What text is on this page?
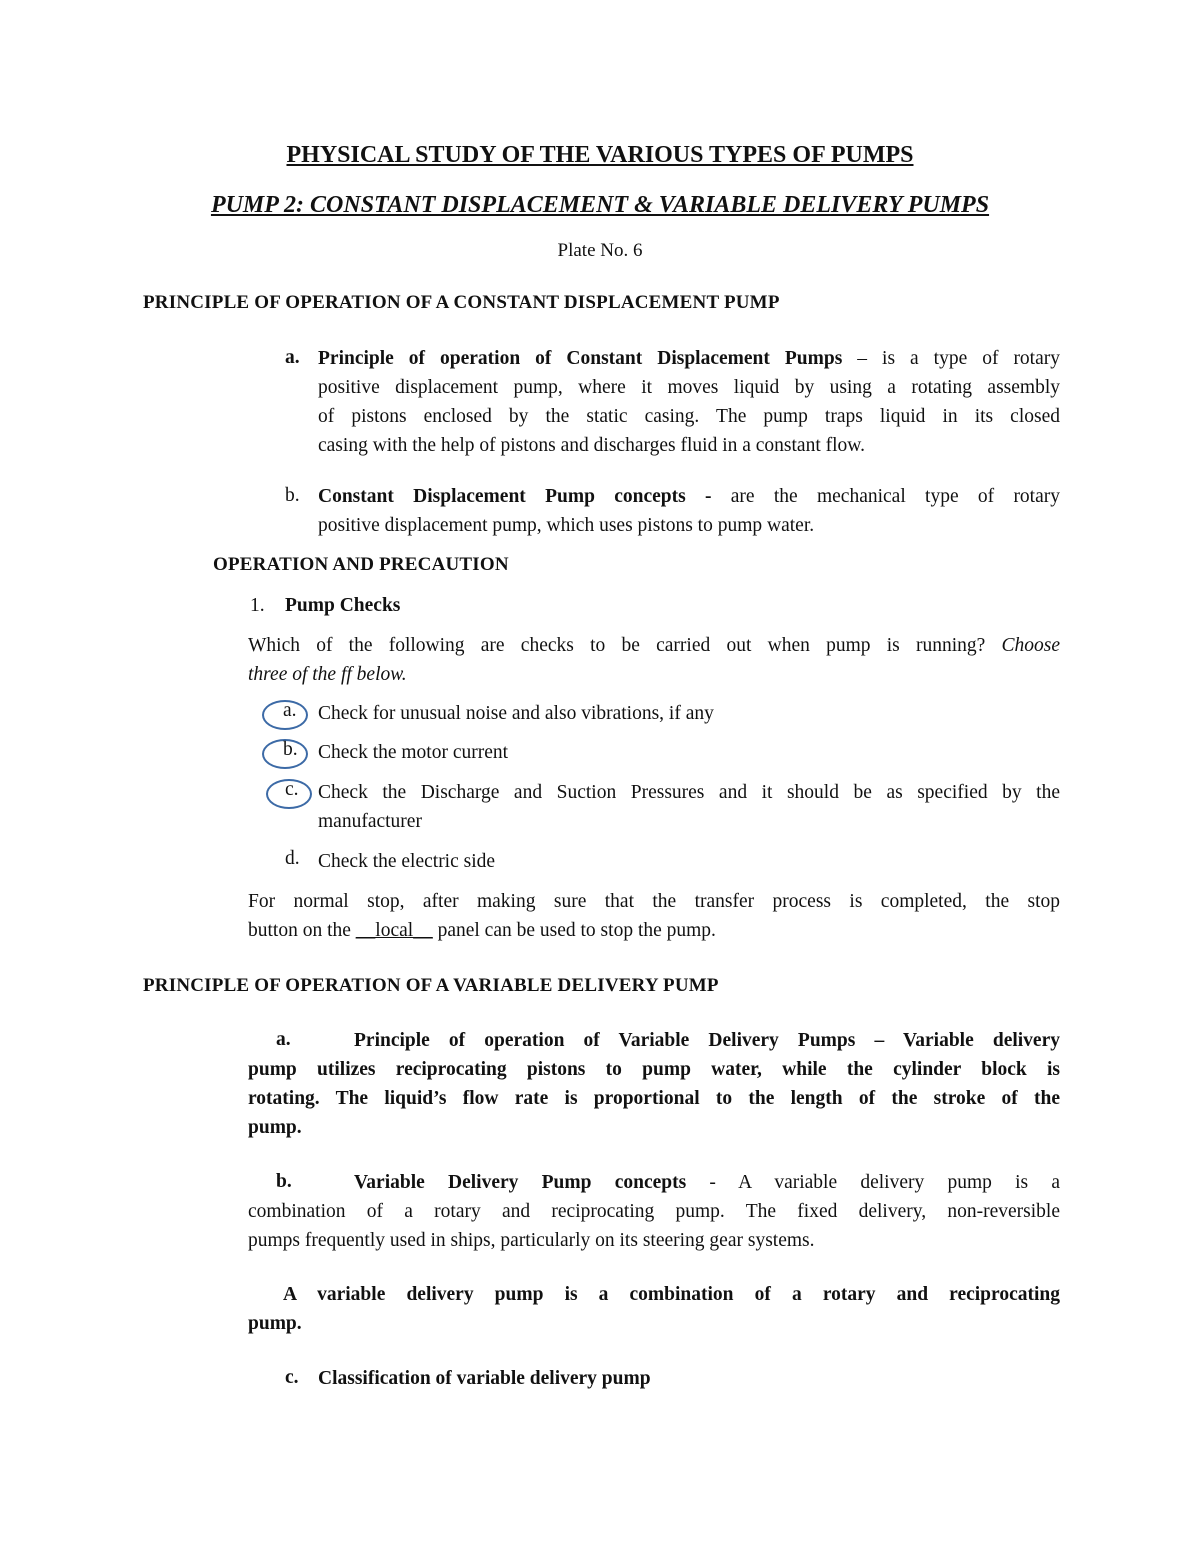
PHYSICAL STUDY OF THE VARIOUS TYPES OF PUMPS
PUMP 2: CONSTANT DISPLACEMENT & VARIABLE DELIVERY PUMPS
Plate No. 6
PRINCIPLE OF OPERATION OF A CONSTANT DISPLACEMENT PUMP
a. Principle of operation of Constant Displacement Pumps – is a type of rotary
positive displacement pump, where it moves liquid by using a rotating assembly
of pistons enclosed by the static casing. The pump traps liquid in its closed
casing with the help of pistons and discharges fluid in a constant flow.
b. Constant Displacement Pump concepts - are the mechanical type of rotary
positive displacement pump, which uses pistons to pump water.
OPERATION AND PRECAUTION
1.	Pump Checks
Which of the following are checks to be carried out when pump is running? Choose
three of the ff below.
a. Check for unusual noise and also vibrations, if any
b. Check the motor current
c. Check the Discharge and Suction Pressures and it should be as specified by the
manufacturer
d. Check the electric side
For normal stop, after making sure that the transfer process is completed, the stop
button on the __local__ panel can be used to stop the pump.
PRINCIPLE OF OPERATION OF A VARIABLE DELIVERY PUMP
a.	Principle of operation of Variable Delivery Pumps – Variable delivery
pump utilizes reciprocating pistons to pump water, while the cylinder block is
rotating. The liquid’s flow rate is proportional to the length of the stroke of the
pump.
b.	Variable Delivery Pump concepts - A variable delivery pump is a
combination of a rotary and reciprocating pump. The fixed delivery, non-reversible
pumps frequently used in ships, particularly on its steering gear systems.
A variable delivery pump is a combination of a rotary and reciprocating
pump.
c. Classification of variable delivery pump
